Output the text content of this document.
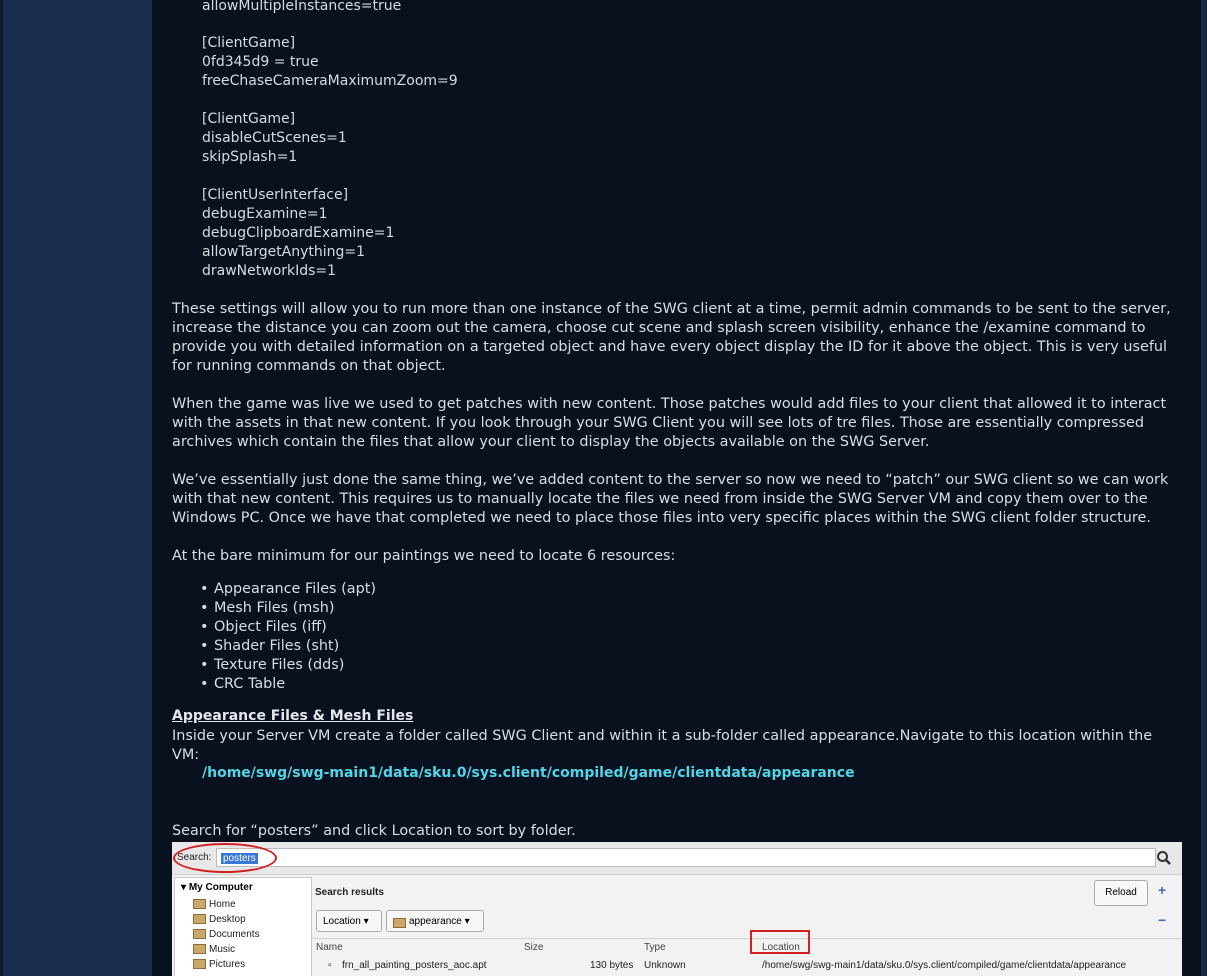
allowMultipleInstances=true
[ClientGame]
0fd345d9 = true
freeChaseCameraMaximumZoom=9
[ClientGame]
disableCutScenes=1
skipSplash=1
[ClientUserInterface]
debugExamine=1
debugClipboardExamine=1
allowTargetAnything=1
drawNetworkIds=1
These settings will allow you to run more than one instance of the SWG client at a time, permit admin commands to be sent to the server, increase the distance you can zoom out the camera, choose cut scene and splash screen visibility, enhance the /examine command to provide you with detailed information on a targeted object and have every object display the ID for it above the object. This is very useful for running commands on that object.
When the game was live we used to get patches with new content. Those patches would add files to your client that allowed it to interact with the assets in that new content. If you look through your SWG Client you will see lots of tre files. Those are essentially compressed archives which contain the files that allow your client to display the objects available on the SWG Server.
We’ve essentially just done the same thing, we’ve added content to the server so now we need to “patch” our SWG client so we can work with that new content. This requires us to manually locate the files we need from inside the SWG Server VM and copy them over to the Windows PC. Once we have that completed we need to place those files into very specific places within the SWG client folder structure.
At the bare minimum for our paintings we need to locate 6 resources:
• Appearance Files (apt)
• Mesh Files (msh)
• Object Files (iff)
• Shader Files (sht)
• Texture Files (dds)
• CRC Table
Appearance Files & Mesh Files
Inside your Server VM create a folder called SWG Client and within it a sub-folder called appearance.Navigate to this location within the VM:
/home/swg/swg-main1/data/sku.0/sys.client/compiled/game/clientdata/appearance
Search for “posters” and click Location to sort by folder.
Search:	posters
▾ My Computer
Home
Desktop
Documents
Music
Pictures
Search results	Reload	+
−
Location ▾	appearance ▾
Name	Size	Type	Location
▫ frn_all_painting_posters_aoc.apt	130 bytes Unknown	/home/swg/swg-main1/data/sku.0/sys.client/compiled/game/clientdata/appearance
